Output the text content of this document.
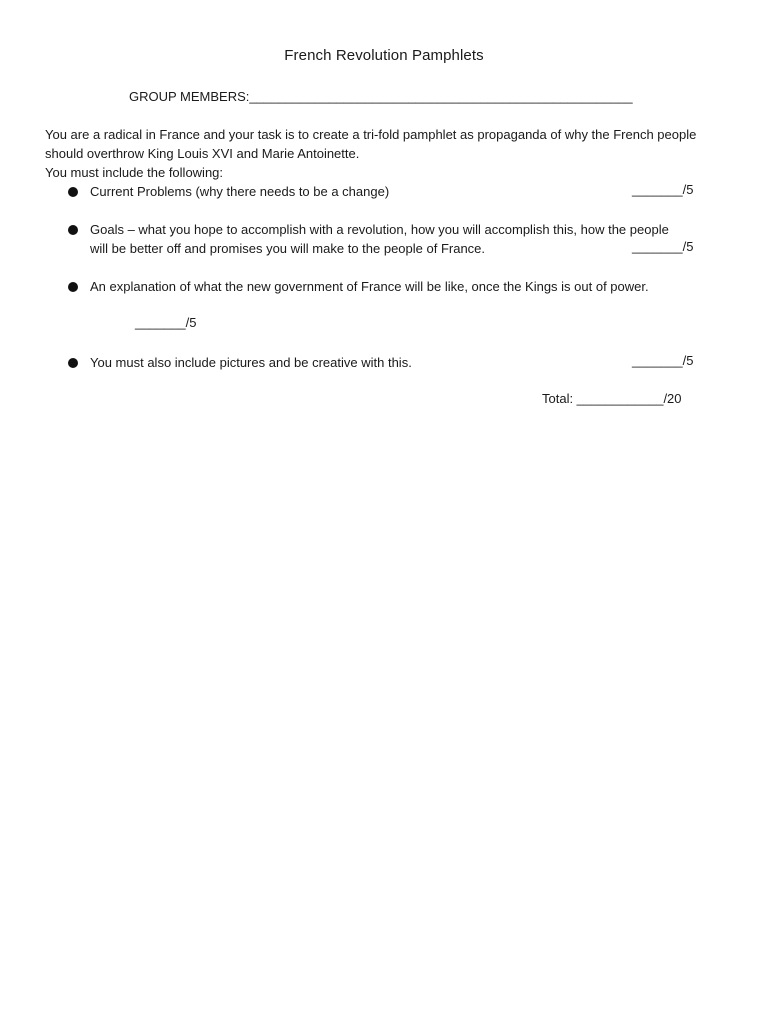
French Revolution Pamphlets
GROUP MEMBERS:_____________________________________________________

You are a radical in France and your task is to create a tri-fold pamphlet as propaganda of why the French people

should overthrow King Louis XVI and Marie Antoinette.

You must include the following:

Current Problems (why there needs to be a change)	_______/5
Goals – what you hope to accomplish with a revolution, how you will accomplish this, how the people
will be better off and promises you will make to the people of France.	_______/5
An explanation of what the new government of France will be like, once the Kings is out of power.
_______/5
You must also include pictures and be creative with this.	_______/5
Total: ____________/20
